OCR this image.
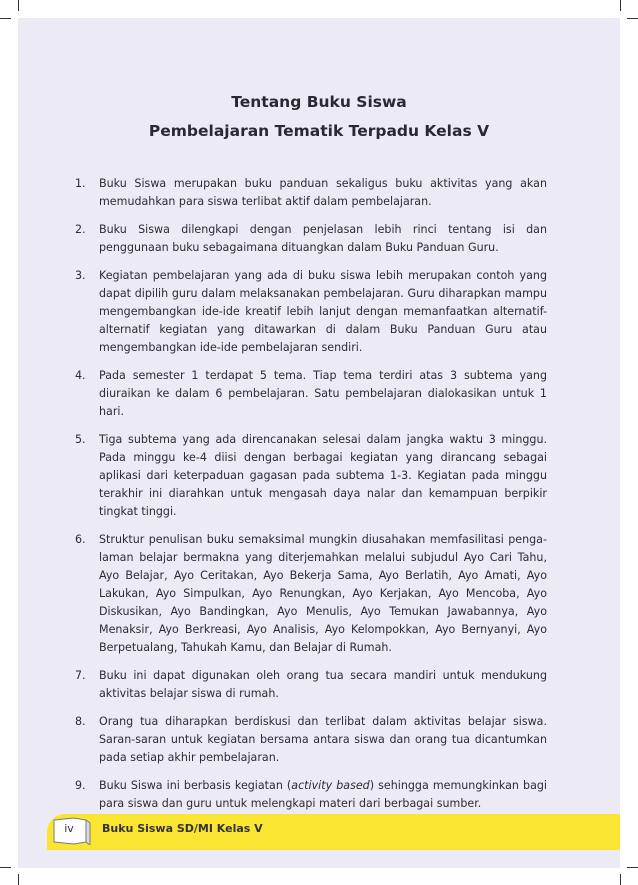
Tentang Buku Siswa
Pembelajaran Tematik Terpadu Kelas V
1. Buku Siswa merupakan buku panduan sekaligus buku aktivitas yang akan memudahkan para siswa terlibat aktif dalam pembelajaran.
2. Buku Siswa dilengkapi dengan penjelasan lebih rinci tentang isi dan penggunaan buku sebagaimana dituangkan dalam Buku Panduan Guru.
3. Kegiatan pembelajaran yang ada di buku siswa lebih merupakan contoh yang dapat dipilih guru dalam melaksanakan pembelajaran. Guru diharapkan mampu mengembangkan ide-ide kreatif lebih lanjut dengan memanfaatkan alternatif-alternatif kegiatan yang ditawarkan di dalam Buku Panduan Guru atau mengembangkan ide-ide pembelajaran sendiri.
4. Pada semester 1 terdapat 5 tema. Tiap tema terdiri atas 3 subtema yang diuraikan ke dalam 6 pembelajaran. Satu pembelajaran dialokasikan untuk 1 hari.
5. Tiga subtema yang ada direncanakan selesai dalam jangka waktu 3 minggu. Pada minggu ke-4 diisi dengan berbagai kegiatan yang dirancang sebagai aplikasi dari keterpaduan gagasan pada subtema 1-3. Kegiatan pada minggu terakhir ini diarahkan untuk mengasah daya nalar dan kemampuan berpikir tingkat tinggi.
6. Struktur penulisan buku semaksimal mungkin diusahakan memfasilitasi penga-laman belajar bermakna yang diterjemahkan melalui subjudul Ayo Cari Tahu, Ayo Belajar, Ayo Ceritakan, Ayo Bekerja Sama, Ayo Berlatih, Ayo Amati, Ayo Lakukan, Ayo Simpulkan, Ayo Renungkan, Ayo Kerjakan, Ayo Mencoba, Ayo Diskusikan, Ayo Bandingkan, Ayo Menulis, Ayo Temukan Jawabannya, Ayo Menaksir, Ayo Berkreasi, Ayo Analisis, Ayo Kelompokkan, Ayo Bernyanyi, Ayo Berpetualang, Tahukah Kamu, dan Belajar di Rumah.
7. Buku ini dapat digunakan oleh orang tua secara mandiri untuk mendukung aktivitas belajar siswa di rumah.
8. Orang tua diharapkan berdiskusi dan terlibat dalam aktivitas belajar siswa. Saran-saran untuk kegiatan bersama antara siswa dan orang tua dicantumkan pada setiap akhir pembelajaran.
9. Buku Siswa ini berbasis kegiatan (activity based) sehingga memungkinkan bagi para siswa dan guru untuk melengkapi materi dari berbagai sumber.
iv	Buku Siswa SD/MI Kelas V
